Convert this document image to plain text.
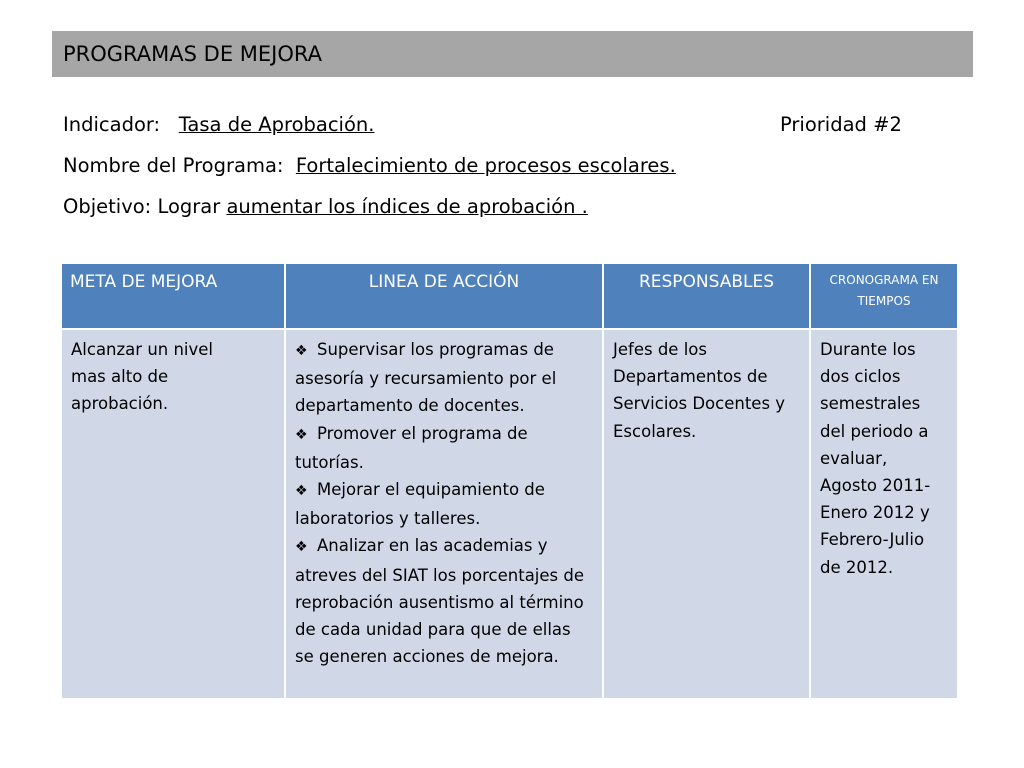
PROGRAMAS DE MEJORA
Indicador: Tasa de Aprobación.	Prioridad #2
Nombre del Programa: Fortalecimiento de procesos escolares.
Objetivo: Lograr aumentar los índices de aprobación .
META DE MEJORA	LINEA DE ACCIÓN	RESPONSABLES	CRONOGRAMA EN TIEMPOS

Alcanzar un nivel mas alto de aprobación.	❖ Supervisar los programas de asesoría y recursamiento por el departamento de docentes.
❖ Promover el programa de tutorías.
❖ Mejorar el equipamiento de laboratorios y talleres.
❖ Analizar en las academias y atreves del SIAT los porcentajes de reprobación ausentismo al término de cada unidad para que de ellas se generen acciones de mejora.	Jefes de los Departamentos de Servicios Docentes y Escolares.	Durante los dos ciclos semestrales del periodo a evaluar, Agosto 2011- Enero 2012 y Febrero-Julio de 2012.
